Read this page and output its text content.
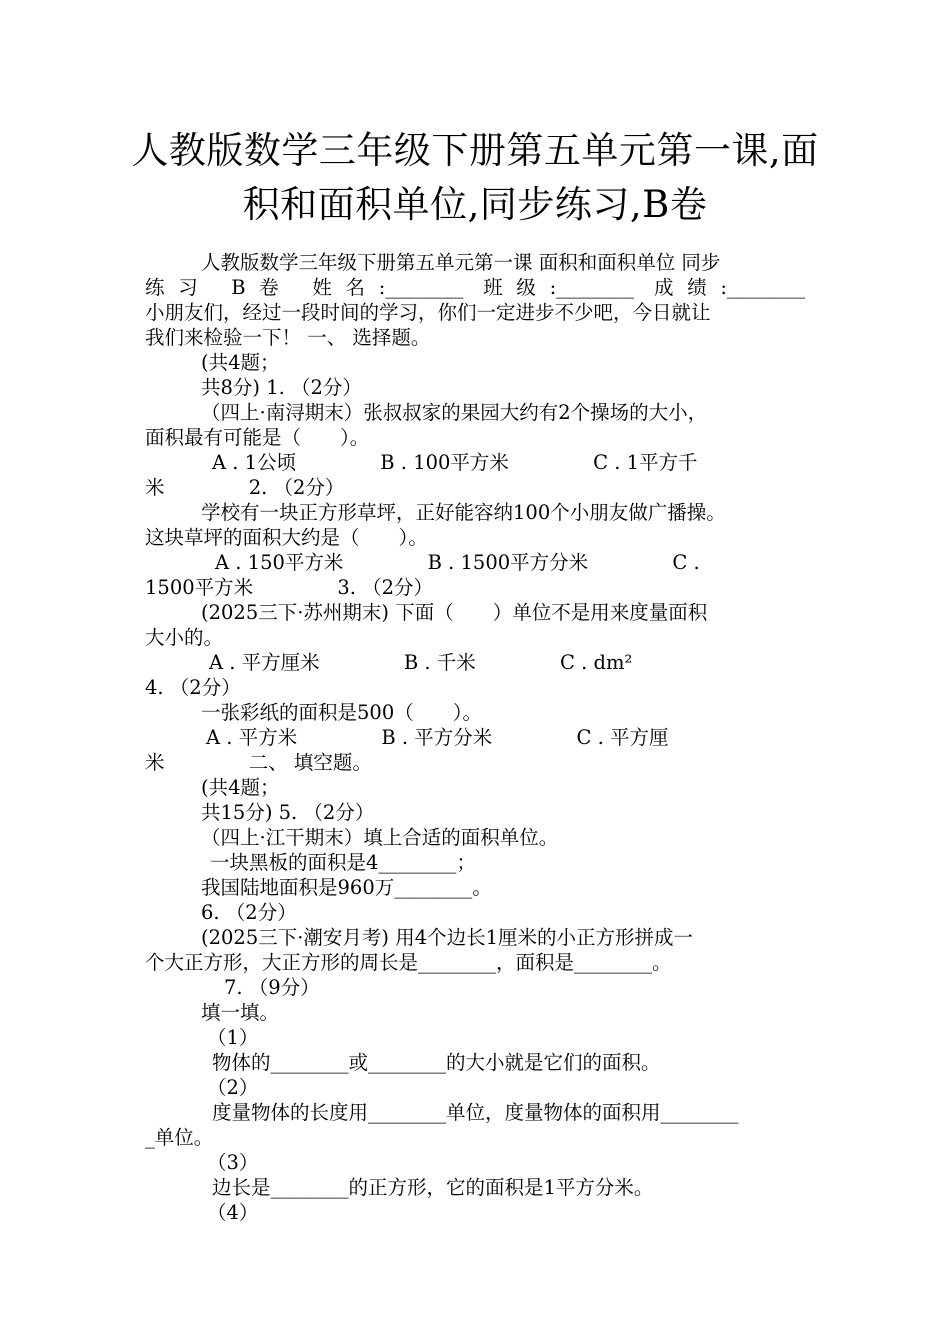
人教版数学三年级下册第五单元第一课,面
积和面积单位,同步练习,B卷
人教版数学三年级下册第五单元第一课 面积和面积单位 同步
练习 B卷 姓名:________ 班级:________ 成绩:________
小朋友们，经过一段时间的学习，你们一定进步不少吧，今日就让
我们来检验一下！ 一、 选择题。
(共4题；
共8分) 1. （2分）
（四上·南浔期末）张叔叔家的果园大约有2个操场的大小，
面积最有可能是（　　）。
A . 1公顷　　　　 B . 100平方米　　　　 C . 1平方千
米　　　　 2. （2分）
学校有一块正方形草坪，正好能容纳100个小朋友做广播操。
这块草坪的面积大约是（　　）。
A . 150平方米　　　　 B . 1500平方分米　　　　 C .
1500平方米　　　　 3. （2分）
(2025三下·苏州期末) 下面（　　）单位不是用来度量面积
大小的。
A . 平方厘米　　　　 B . 千米　　　　 C . dm²
4. （2分）
一张彩纸的面积是500（　　）。
A . 平方米　　　　 B . 平方分米　　　　 C . 平方厘
米　　　　 二、 填空题。
(共4题；
共15分) 5. （2分）
（四上·江干期末）填上合适的面积单位。
一块黑板的面积是4________；
我国陆地面积是960万________。
6. （2分）
(2025三下·潮安月考) 用4个边长1厘米的小正方形拼成一
个大正方形，大正方形的周长是________，面积是________。
7. （9分）
填一填。
（1）
物体的________或________的大小就是它们的面积。
（2）
度量物体的长度用________单位，度量物体的面积用________
_单位。
（3）
边长是________的正方形，它的面积是1平方分米。
（4）
